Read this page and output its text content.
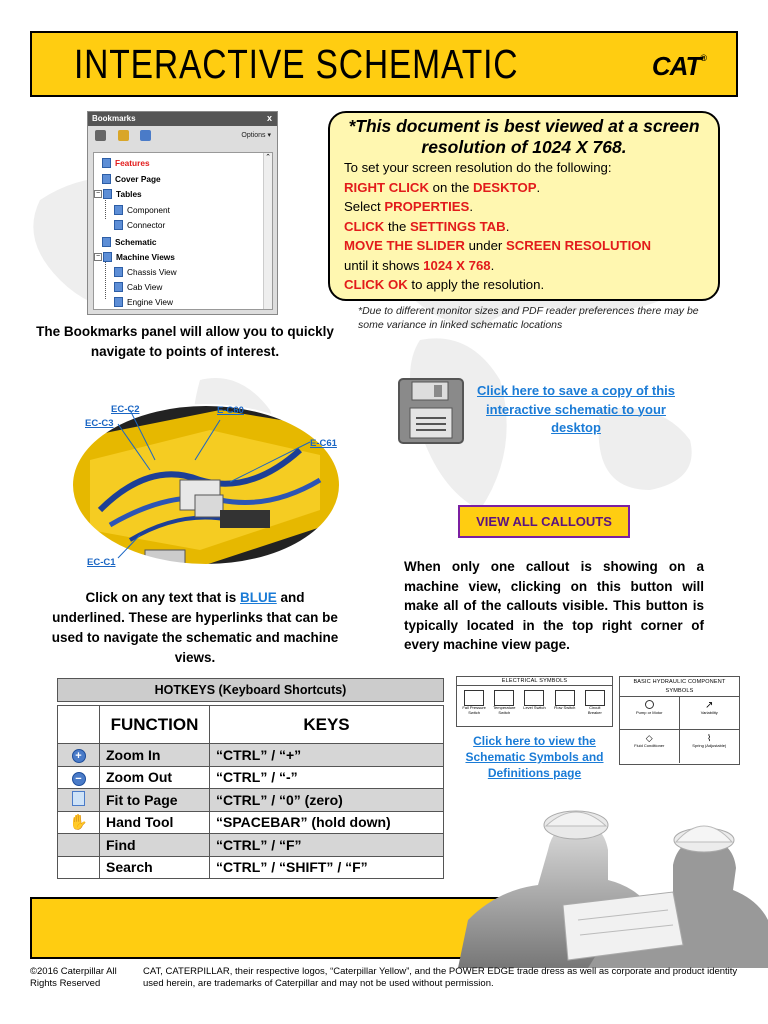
INTERACTIVE SCHEMATIC	CAT®
Bookmarks	x
Options ▾
⌃
Features
Cover Page
− Tables
Component
Connector
Schematic
− Machine Views
Chassis View
Cab View
Engine View
The Bookmarks panel will allow you to quickly navigate to points of interest.
*This document is best viewed at a screen resolution of 1024 X 768.
To set your screen resolution do the following:
RIGHT CLICK on the DESKTOP.
Select PROPERTIES.
CLICK the SETTINGS TAB.
MOVE THE SLIDER under SCREEN RESOLUTION
until it shows 1024 X 768.
CLICK OK to apply the resolution.
*Due to different monitor sizes and PDF reader preferences there may be some variance in linked schematic locations
EC-C2
EC-C3
E-C60
E-C61
EC-C1
Click on any text that is BLUE and underlined. These are hyperlinks that can be used to navigate the schematic and machine views.
Click here to save a copy of this interactive schematic to your desktop
VIEW ALL CALLOUTS
When only one callout is showing on a machine view, clicking on this button will make all of the callouts visible. This button is typically located in the top right corner of every machine view page.
HOTKEYS (Keyboard Shortcuts)
	FUNCTION	KEYS
+	Zoom In	“CTRL” / “+”
−	Zoom Out	“CTRL” / “-”
	Fit to Page	“CTRL” / “0” (zero)
✋	Hand Tool	“SPACEBAR” (hold down)
	Find	“CTRL” / “F”
	Search	“CTRL” / “SHIFT” / “F”
ELECTRICAL SYMBOLS
Fail Pressure Switch
Temperature Switch
Level Switch	Flow Switch	Circuit Breaker
BASIC HYDRAULIC COMPONENT SYMBOLS
Pump or Motor
↗
Variability
◇
Fluid Conditioner
⌇
Spring (Adjustable)
Click here to view the Schematic Symbols and Definitions page
©2016 Caterpillar All Rights Reserved
CAT, CATERPILLAR, their respective logos, “Caterpillar Yellow”, and the POWER EDGE trade dress as well as corporate and product identity used herein, are trademarks of Caterpillar and may not be used without permission.
